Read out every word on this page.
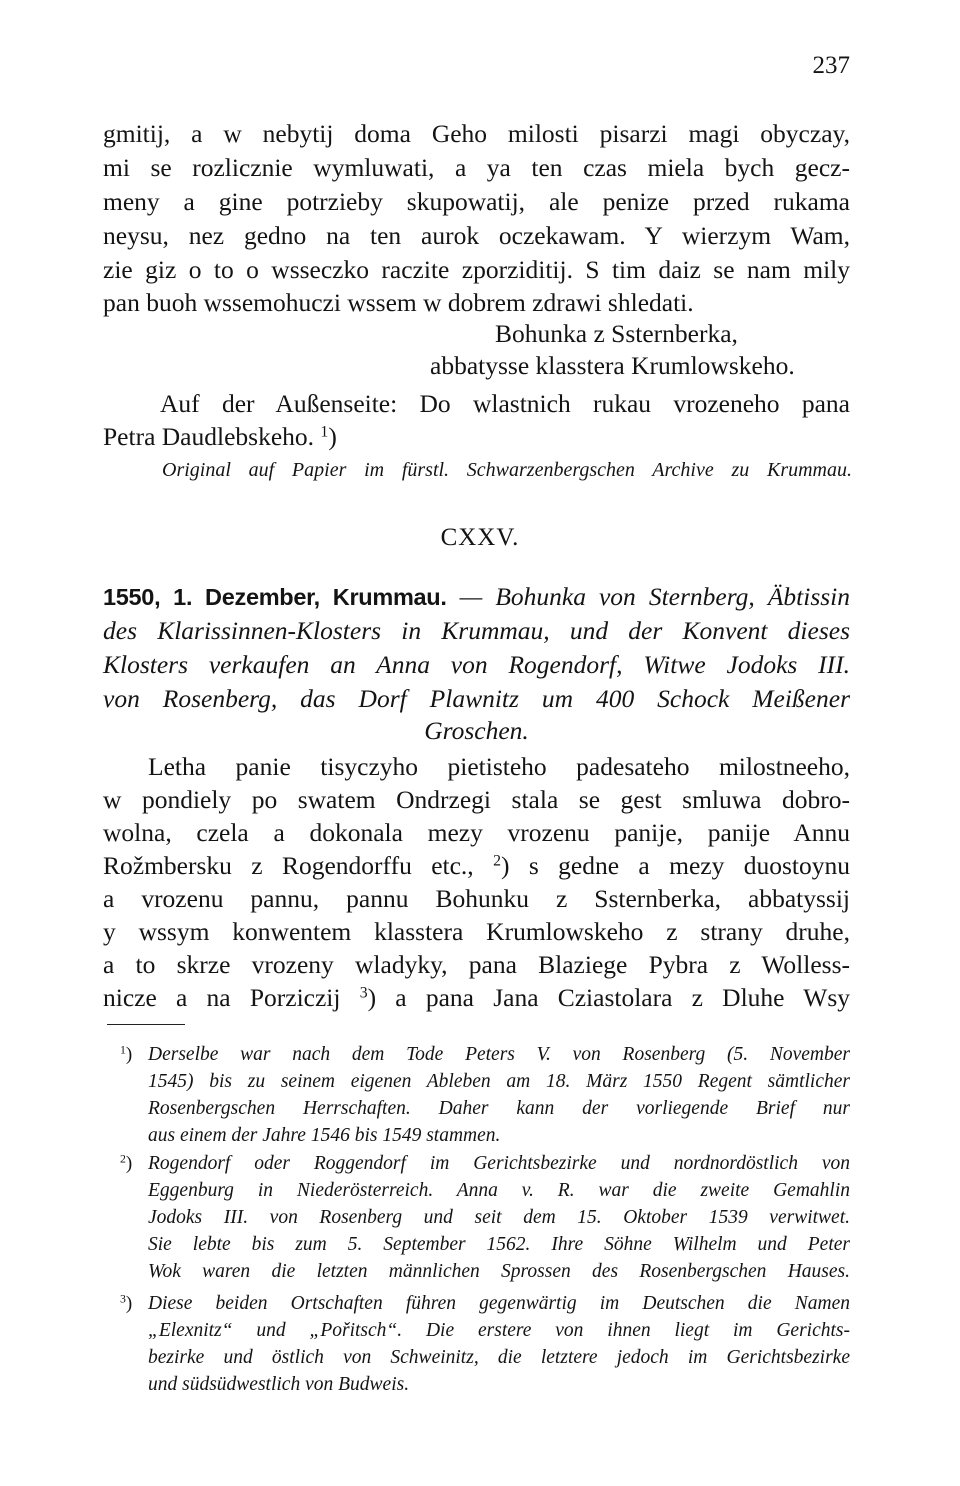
237
gmitij, a w nebytij doma Geho milosti pisarzi magi obyczay,
mi se rozlicznie wymluwati, a ya ten czas miela bych gecz-
meny a gine potrzieby skupowatij, ale penize przed rukama
neysu, nez gedno na ten aurok oczekawam. Y wierzym Wam,
zie giz o to o wsseczko raczite zporziditij. S tim daiz se nam mily
pan buoh wssemohuczi wssem w dobrem zdrawi shledati.
Bohunka z Ssternberka,
abbatysse klasstera Krumlowskeho.
Auf der Außenseite: Do wlastnich rukau vrozeneho pana
Petra Daudlebskeho. $^1$)
Original auf Papier im fürstl. Schwarzenbergschen Archive zu Krummau.
CXXV.
1550, 1. Dezember, Krummau. — Bohunka von Sternberg, Äbtissin
des Klarissinnen-Klosters in Krummau, und der Konvent dieses
Klosters verkaufen an Anna von Rogendorf, Witwe Jodoks III.
von Rosenberg, das Dorf Plawnitz um 400 Schock Meißener
Groschen.
Letha panie tisyczyho pietisteho padesateho milostneeho,
w pondiely po swatem Ondrzegi stala se gest smluwa dobro-
wolna, czela a dokonala mezy vrozenu panije, panije Annu
Rožmbersku z Rogendorffu etc., $^2$) s gedne a mezy duostoynu
a vrozenu pannu, pannu Bohunku z Ssternberka, abbatyssij
y wssym konwentem klasstera Krumlowskeho z strany druhe,
a to skrze vrozeny wladyky, pana Blaziege Pybra z Wolless-
nicze a na Porziczij $^3$) a pana Jana Cziastolara z Dluhe Wsy
$^1$) Derselbe war nach dem Tode Peters V. von Rosenberg (5. November
1545) bis zu seinem eigenen Ableben am 18. März 1550 Regent sämtlicher
Rosenbergschen Herrschaften. Daher kann der vorliegende Brief nur
aus einem der Jahre 1546 bis 1549 stammen.
$^2$) Rogendorf oder Roggendorf im Gerichtsbezirke und nordnordöstlich von
Eggenburg in Niederösterreich. Anna v. R. war die zweite Gemahlin
Jodoks III. von Rosenberg und seit dem 15. Oktober 1539 verwitwet.
Sie lebte bis zum 5. September 1562. Ihre Söhne Wilhelm und Peter
Wok waren die letzten männlichen Sprossen des Rosenbergschen Hauses.
$^3$) Diese beiden Ortschaften führen gegenwärtig im Deutschen die Namen
„Elexnitz“ und „Pořitsch“. Die erstere von ihnen liegt im Gerichts-
bezirke und östlich von Schweinitz, die letztere jedoch im Gerichtsbezirke
und südsüdwestlich von Budweis.
